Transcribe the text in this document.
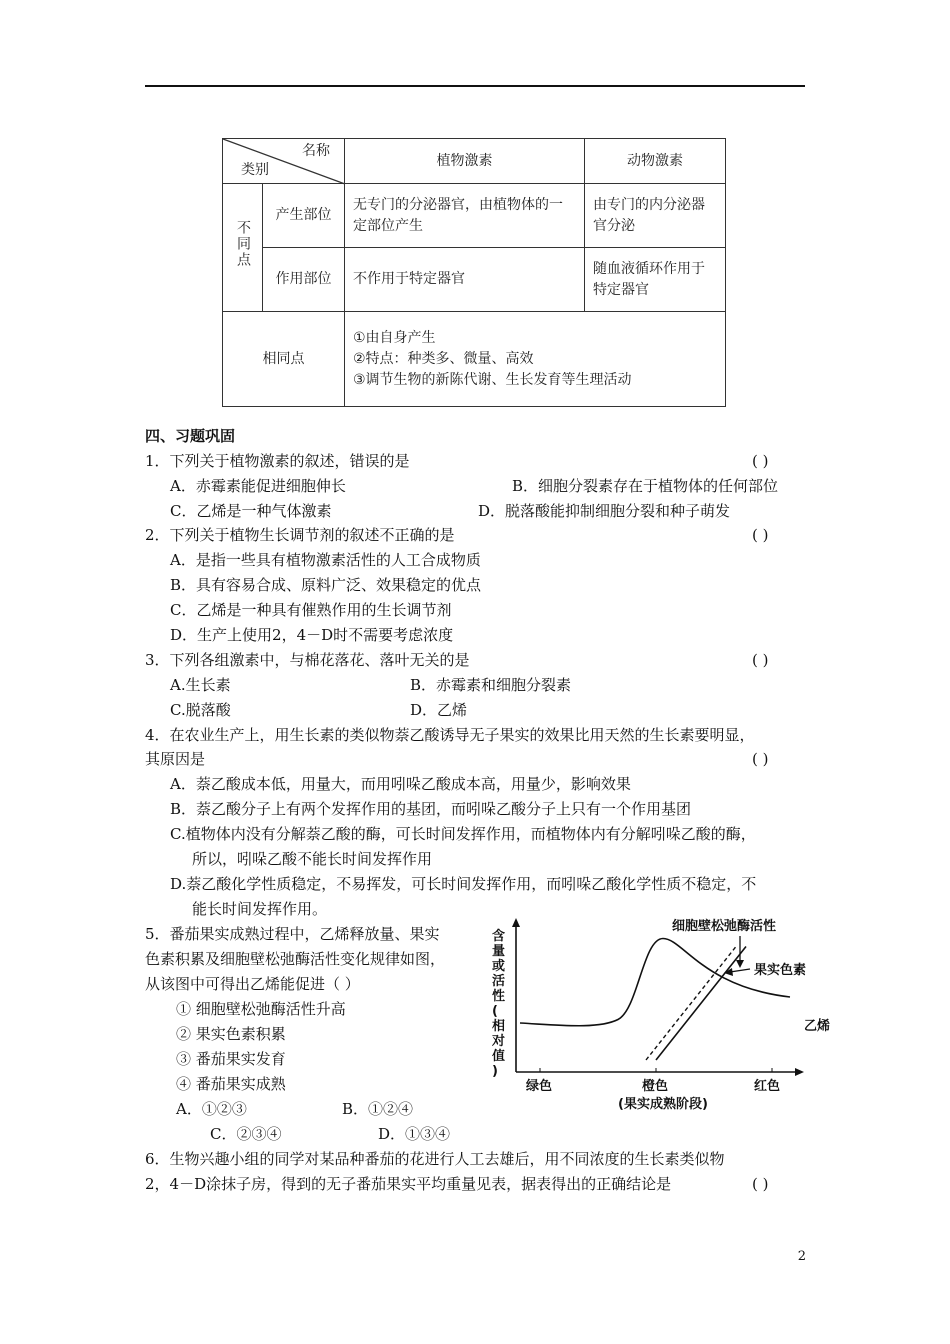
名称
类别		植物激素	动物激素
不同点	产生部位	无专门的分泌器官，由植物体的一定部位产生	由专门的内分泌器官分泌
	作用部位	不作用于特定器官	随血液循环作用于特定器官
相同点		①由自身产生
②特点：种类多、微量、高效
③调节生物的新陈代谢、生长发育等生理活动	
四、习题巩固
1．下列关于植物激素的叙述，错误的是	( )
A．赤霉素能促进细胞伸长	B．细胞分裂素存在于植物体的任何部位
C．乙烯是一种气体激素	D．脱落酸能抑制细胞分裂和种子萌发
2．下列关于植物生长调节剂的叙述不正确的是	( )
A．是指一些具有植物激素活性的人工合成物质
B．具有容易合成、原料广泛、效果稳定的优点
C．乙烯是一种具有催熟作用的生长调节剂
D．生产上使用2，4－D时不需要考虑浓度
3．下列各组激素中，与棉花落花、落叶无关的是	( )
A.生长素	B．赤霉素和细胞分裂素
C.脱落酸	D．乙烯
4．在农业生产上，用生长素的类似物萘乙酸诱导无子果实的效果比用天然的生长素要明显，
其原因是	( )
A．萘乙酸成本低，用量大，而用吲哚乙酸成本高，用量少，影响效果
B．萘乙酸分子上有两个发挥作用的基团，而吲哚乙酸分子上只有一个作用基团
C.植物体内没有分解萘乙酸的酶，可长时间发挥作用，而植物体内有分解吲哚乙酸的酶，
所以，吲哚乙酸不能长时间发挥作用
D.萘乙酸化学性质稳定，不易挥发，可长时间发挥作用，而吲哚乙酸化学性质不稳定，不
能长时间发挥作用。
5．番茄果实成熟过程中，乙烯释放量、果实
色素积累及细胞壁松弛酶活性变化规律如图，
从该图中可得出乙烯能促进（ ）
① 细胞壁松弛酶活性升高
② 果实色素积累
③ 番茄果实发育
④ 番茄果实成熟
A．①②③	B．①②④
C．②③④	D．①③④
含量或活性(相对值)
绿色	橙色	红色
(果实成熟阶段)
细胞壁松弛酶活性
果实色素
乙烯
6．生物兴趣小组的同学对某品种番茄的花进行人工去雄后，用不同浓度的生长素类似物
2，4－D涂抹子房，得到的无子番茄果实平均重量见表，据表得出的正确结论是	( )
2
